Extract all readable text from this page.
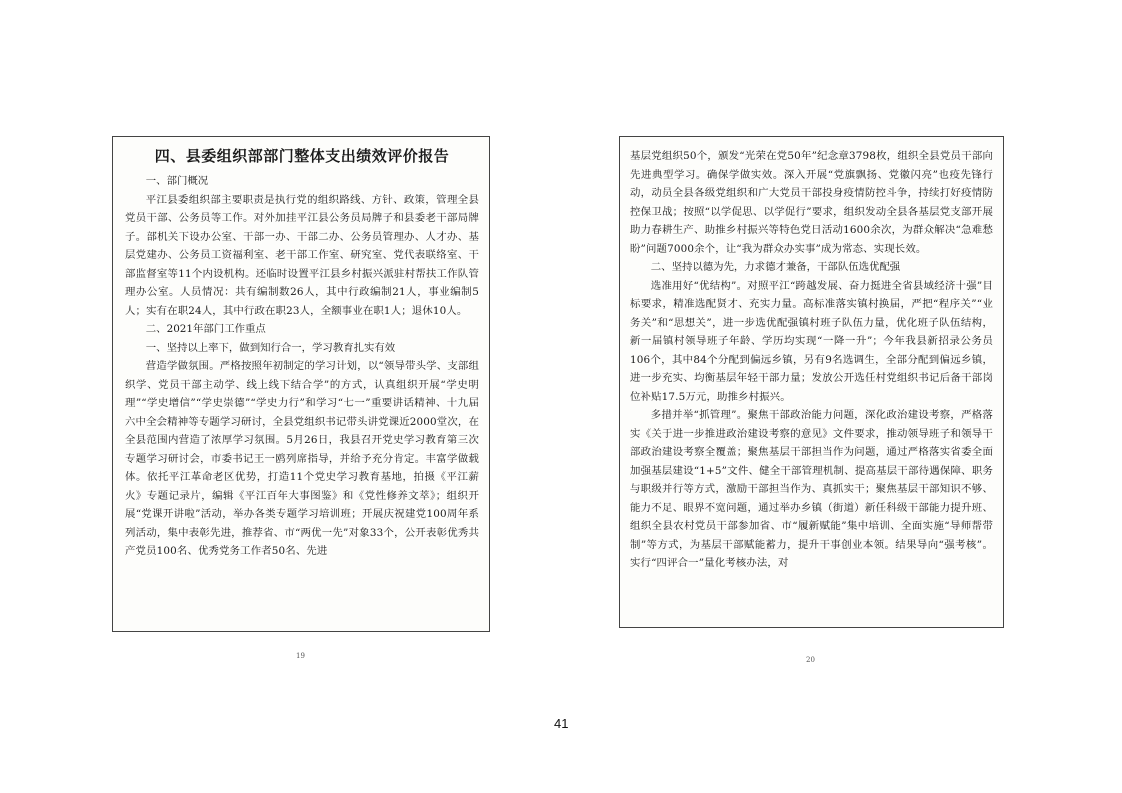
四、县委组织部部门整体支出绩效评价报告

一、部门概况

平江县委组织部主要职责是执行党的组织路线、方针、政策，管理全县党员干部、公务员等工作。对外加挂平江县公务员局牌子和县委老干部局牌子。部机关下设办公室、干部一办、干部二办、公务员管理办、人才办、基层党建办、公务员工资福利室、老干部工作室、研究室、党代表联络室、干部监督室等11个内设机构。还临时设置平江县乡村振兴派驻村帮扶工作队管理办公室。人员情况：共有编制数26人，其中行政编制21人，事业编制5人；实有在职24人，其中行政在职23人，全额事业在职1人；退休10人。

二、2021年部门工作重点

一、坚持以上率下，做到知行合一，学习教育扎实有效

营造学做氛围。严格按照年初制定的学习计划，以“领导带头学、支部组织学、党员干部主动学、线上线下结合学”的方式，认真组织开展“学史明理”“学史增信”“学史崇德”“学史力行”和学习“七一”重要讲话精神、十九届六中全会精神等专题学习研讨，全县党组织书记带头讲党课近2000堂次，在全县范围内营造了浓厚学习氛围。5月26日，我县召开党史学习教育第三次专题学习研讨会，市委书记王一鸥列席指导，并给予充分肯定。丰富学做载体。依托平江革命老区优势，打造11个党史学习教育基地，拍摄《平江薪火》专题记录片，编辑《平江百年大事图鉴》和《党性修养文萃》；组织开展“党课开讲啦”活动，举办各类专题学习培训班；开展庆祝建党100周年系列活动，集中表彰先进，推荐省、市“两优一先”对象33个，公开表彰优秀共产党员100名、优秀党务工作者50名、先进

19

基层党组织50个，颁发“光荣在党50年”纪念章3798枚，组织全县党员干部向先进典型学习。确保学做实效。深入开展“党旗飘扬、党徽闪亮”也疫先锋行动，动员全县各级党组织和广大党员干部投身疫情防控斗争，持续打好疫情防控保卫战；按照“以学促思、以学促行”要求，组织发动全县各基层党支部开展助力春耕生产、助推乡村振兴等特色党日活动1600余次，为群众解决“急难愁盼”问题7000余个，让“我为群众办实事”成为常态、实现长效。

二、坚持以德为先，力求德才兼备，干部队伍选优配强

选准用好“优结构”。对照平江“跨越发展、奋力挺进全省县域经济十强”目标要求，精准选配贤才、充实力量。高标准落实镇村换届，严把“程序关”“业务关”和“思想关”，进一步选优配强镇村班子队伍力量，优化班子队伍结构，新一届镇村领导班子年龄、学历均实现“一降一升”；今年我县新招录公务员106个，其中84个分配到偏远乡镇，另有9名选调生，全部分配到偏远乡镇，进一步充实、均衡基层年轻干部力量；发放公开选任村党组织书记后备干部岗位补贴17.5万元，助推乡村振兴。

多措并举“抓管理”。聚焦干部政治能力问题，深化政治建设考察，严格落实《关于进一步推进政治建设考察的意见》文件要求，推动领导班子和领导干部政治建设考察全覆盖；聚焦基层干部担当作为问题，通过严格落实省委全面加强基层建设“1+5”文件、健全干部管理机制、提高基层干部待遇保障、职务与职级并行等方式，激励干部担当作为、真抓实干；聚焦基层干部知识不够、能力不足、眼界不宽问题，通过举办乡镇（街道）新任科级干部能力提升班、组织全县农村党员干部参加省、市“履新赋能”集中培训、全面实施“导师帮带制”等方式，为基层干部赋能蓄力，提升干事创业本领。结果导向“强考核”。实行“四评合一”量化考核办法，对

20
41
